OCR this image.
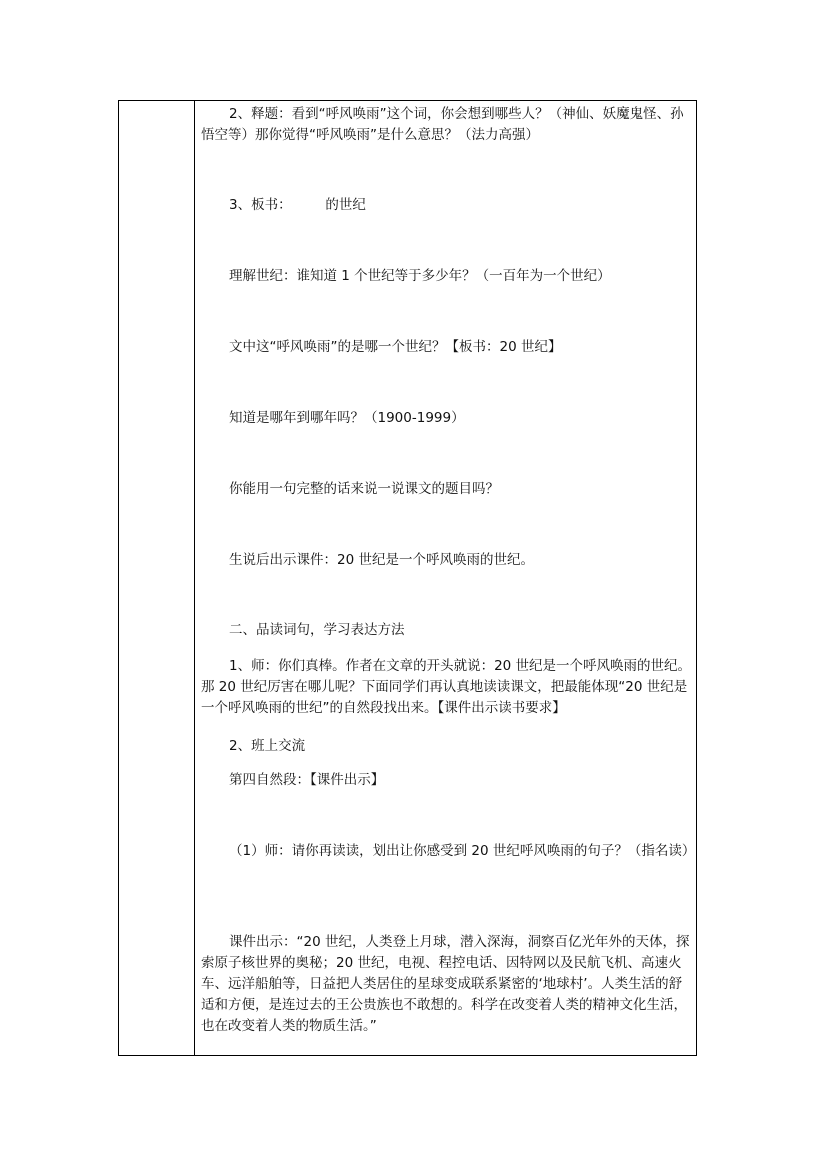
2、释题：看到“呼风唤雨”这个词，你会想到哪些人？（神仙、妖魔鬼怪、孙悟空等）那你觉得“呼风唤雨”是什么意思？（法力高强）
3、板书：　　　的世纪
理解世纪：谁知道 1 个世纪等于多少年？（一百年为一个世纪）
文中这“呼风唤雨”的是哪一个世纪？【板书：20 世纪】
知道是哪年到哪年吗？（1900-1999）
你能用一句完整的话来说一说课文的题目吗？
生说后出示课件：20 世纪是一个呼风唤雨的世纪。
二、品读词句，学习表达方法
1、师：你们真棒。作者在文章的开头就说：20 世纪是一个呼风唤雨的世纪。那 20 世纪厉害在哪儿呢？下面同学们再认真地读读课文，把最能体现“20 世纪是一个呼风唤雨的世纪”的自然段找出来。【课件出示读书要求】
2、班上交流
第四自然段：【课件出示】
（1）师：请你再读读，划出让你感受到 20 世纪呼风唤雨的句子？（指名读）
课件出示：“20 世纪，人类登上月球，潜入深海，洞察百亿光年外的天体，探索原子核世界的奥秘；20 世纪，电视、程控电话、因特网以及民航飞机、高速火车、远洋船舶等，日益把人类居住的星球变成联系紧密的‘地球村’。人类生活的舒适和方便，是连过去的王公贵族也不敢想的。科学在改变着人类的精神文化生活，也在改变着人类的物质生活。”
